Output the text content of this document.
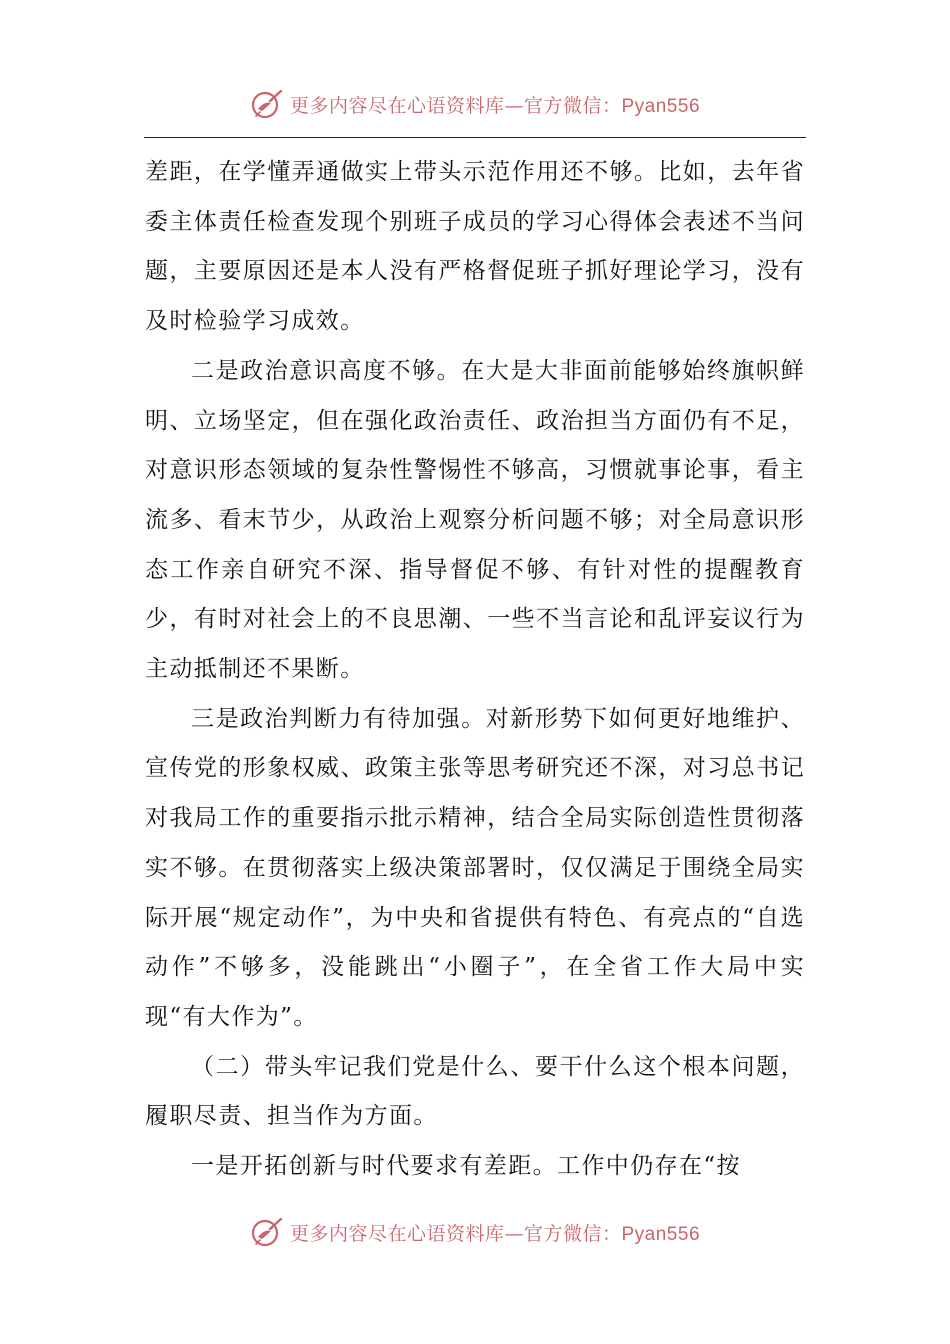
更多内容尽在心语资料库—官方微信：Pyan556

差距，在学懂弄通做实上带头示范作用还不够。比如，去年省委主体责任检查发现个别班子成员的学习心得体会表述不当问题，主要原因还是本人没有严格督促班子抓好理论学习，没有及时检验学习成效。

二是政治意识高度不够。在大是大非面前能够始终旗帜鲜明、立场坚定，但在强化政治责任、政治担当方面仍有不足，对意识形态领域的复杂性警惕性不够高，习惯就事论事，看主流多、看末节少，从政治上观察分析问题不够；对全局意识形态工作亲自研究不深、指导督促不够、有针对性的提醒教育少，有时对社会上的不良思潮、一些不当言论和乱评妄议行为主动抵制还不果断。

三是政治判断力有待加强。对新形势下如何更好地维护、宣传党的形象权威、政策主张等思考研究还不深，对习总书记对我局工作的重要指示批示精神，结合全局实际创造性贯彻落实不够。在贯彻落实上级决策部署时，仅仅满足于围绕全局实际开展“规定动作”，为中央和省提供有特色、有亮点的“自选动作”不够多，没能跳出“小圈子”，在全省工作大局中实现“有大作为”。

（二）带头牢记我们党是什么、要干什么这个根本问题，履职尽责、担当作为方面。

一是开拓创新与时代要求有差距。工作中仍存在“按

更多内容尽在心语资料库—官方微信：Pyan556
